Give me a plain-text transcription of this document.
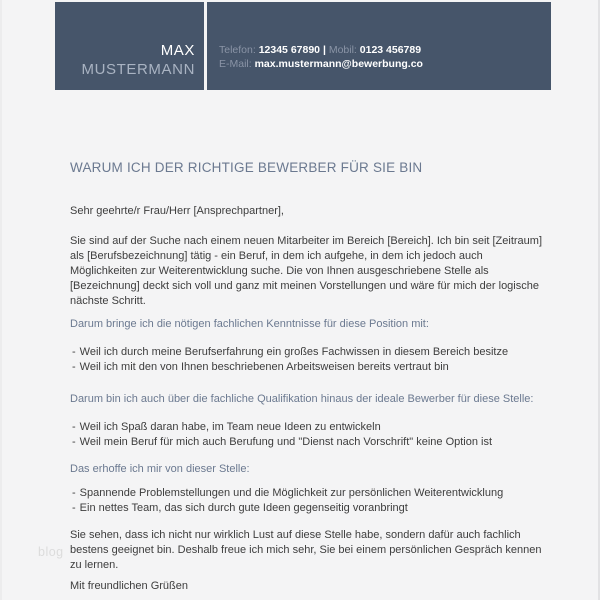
MAX
MUSTERMANN
Telefon: 12345 67890 | Mobil: 0123 456789
E-Mail: max.mustermann@bewerbung.co
WARUM ICH DER RICHTIGE BEWERBER FÜR SIE BIN

Sehr geehrte/r Frau/Herr [Ansprechpartner],

Sie sind auf der Suche nach einem neuen Mitarbeiter im Bereich [Bereich]. Ich bin seit [Zeitraum] als [Berufsbezeichnung] tätig - ein Beruf, in dem ich aufgehe, in dem ich jedoch auch Möglichkeiten zur Weiterentwicklung suche. Die von Ihnen ausgeschriebene Stelle als [Bezeichnung] deckt sich voll und ganz mit meinen Vorstellungen und wäre für mich der logische nächste Schritt.

Darum bringe ich die nötigen fachlichen Kenntnisse für diese Position mit:
- Weil ich durch meine Berufserfahrung ein großes Fachwissen in diesem Bereich besitze
- Weil ich mit den von Ihnen beschriebenen Arbeitsweisen bereits vertraut bin
Darum bin ich auch über die fachliche Qualifikation hinaus der ideale Bewerber für diese Stelle:
- Weil ich Spaß daran habe, im Team neue Ideen zu entwickeln
- Weil mein Beruf für mich auch Berufung und "Dienst nach Vorschrift" keine Option ist
Das erhoffe ich mir von dieser Stelle:
- Spannende Problemstellungen und die Möglichkeit zur persönlichen Weiterentwicklung
- Ein nettes Team, das sich durch gute Ideen gegenseitig voranbringt

Sie sehen, dass ich nicht nur wirklich Lust auf diese Stelle habe, sondern dafür auch fachlich bestens geeignet bin. Deshalb freue ich mich sehr, Sie bei einem persönlichen Gespräch kennen zu lernen.

Mit freundlichen Grüßen

blog
